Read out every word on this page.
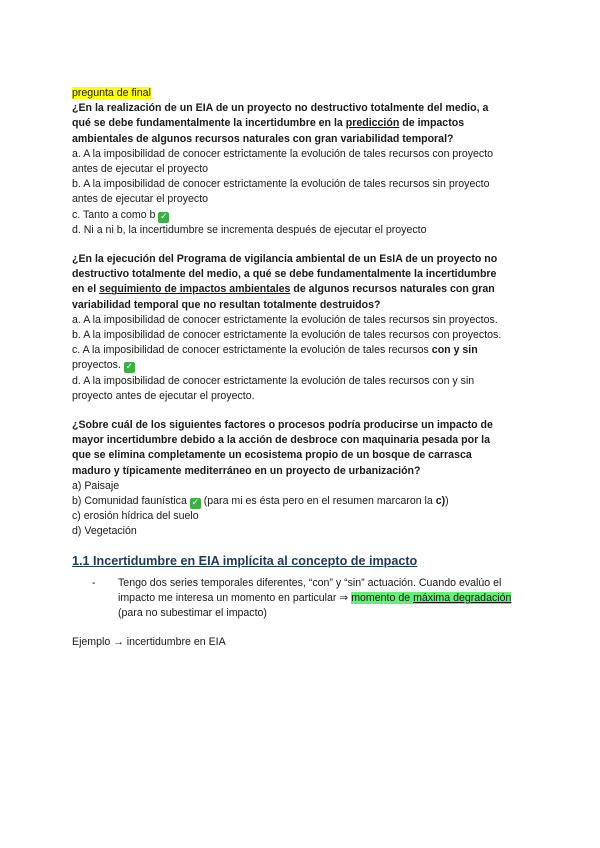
pregunta de final
¿En la realización de un EIA de un proyecto no destructivo totalmente del medio, a
qué se debe fundamentalmente la incertidumbre en la predicción de impactos
ambientales de algunos recursos naturales con gran variabilidad temporal?
a. A la imposibilidad de conocer estrictamente la evolución de tales recursos con proyecto
antes de ejecutar el proyecto
b. A la imposibilidad de conocer estrictamente la evolución de tales recursos sin proyecto
antes de ejecutar el proyecto
c. Tanto a como b ✓
d. Ni a ni b, la incertidumbre se incrementa después de ejecutar el proyecto
¿En la ejecución del Programa de vigilancia ambiental de un EsIA de un proyecto no
destructivo totalmente del medio, a qué se debe fundamentalmente la incertidumbre
en el seguimiento de impactos ambientales de algunos recursos naturales con gran
variabilidad temporal que no resultan totalmente destruidos?
a. A la imposibilidad de conocer estrictamente la evolución de tales recursos sin proyectos.
b. A la imposibilidad de conocer estrictamente la evolución de tales recursos con proyectos.
c. A la imposibilidad de conocer estrictamente la evolución de tales recursos con y sin
proyectos. ✓
d. A la imposibilidad de conocer estrictamente la evolución de tales recursos con y sin
proyecto antes de ejecutar el proyecto.
¿Sobre cuál de los siguientes factores o procesos podría producirse un impacto de
mayor incertidumbre debido a la acción de desbroce con maquinaria pesada por la
que se elimina completamente un ecosistema propio de un bosque de carrasca
maduro y típicamente mediterráneo en un proyecto de urbanización?
a) Paisaje
b) Comunidad faunística ✓ (para mi es ésta pero en el resumen marcaron la c))
c) erosión hídrica del suelo
d) Vegetación
1.1 Incertidumbre en EIA implícita al concepto de impacto
- Tengo dos series temporales diferentes, “con” y “sin” actuación. Cuando evalúo el
impacto me interesa un momento en particular ⇒ momento de máxima degradación
(para no subestimar el impacto)
Ejemplo → incertidumbre en EIA
